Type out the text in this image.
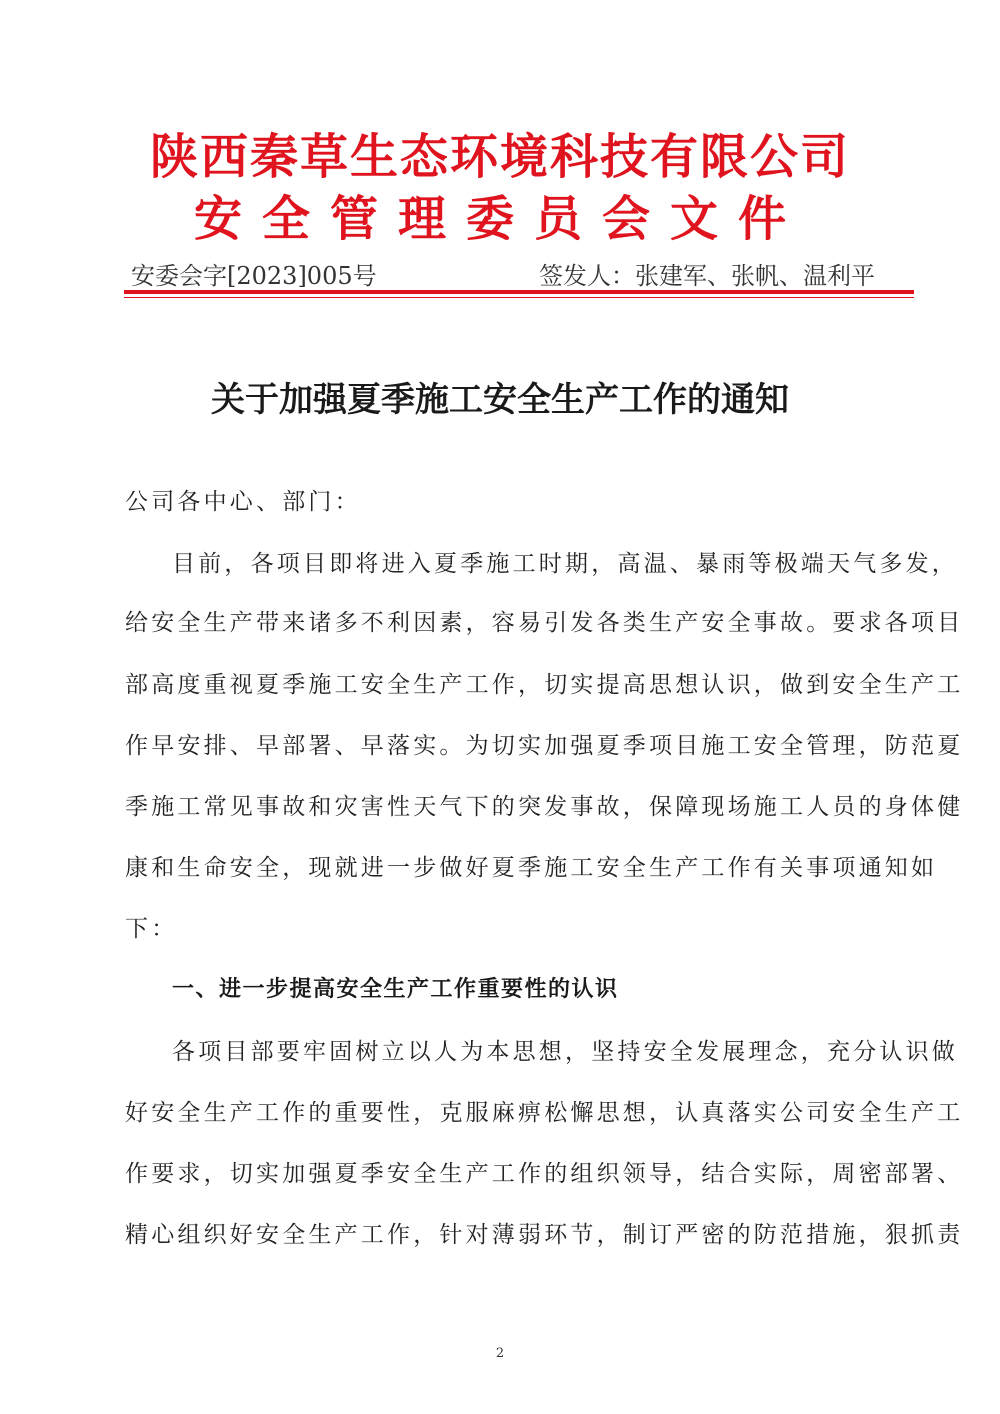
陕西秦草生态环境科技有限公司
安全管理委员会文件
安委会字[2023]005号	签发人：张建军、张帆、温利平
关于加强夏季施工安全生产工作的通知
公司各中心、部门：
目前，各项目即将进入夏季施工时期，高温、暴雨等极端天气多发，
给安全生产带来诸多不利因素，容易引发各类生产安全事故。要求各项目
部高度重视夏季施工安全生产工作，切实提高思想认识，做到安全生产工
作早安排、早部署、早落实。为切实加强夏季项目施工安全管理，防范夏
季施工常见事故和灾害性天气下的突发事故，保障现场施工人员的身体健
康和生命安全，现就进一步做好夏季施工安全生产工作有关事项通知如
下：
一、进一步提高安全生产工作重要性的认识
各项目部要牢固树立以人为本思想，坚持安全发展理念，充分认识做
好安全生产工作的重要性，克服麻痹松懈思想，认真落实公司安全生产工
作要求，切实加强夏季安全生产工作的组织领导，结合实际，周密部署、
精心组织好安全生产工作，针对薄弱环节，制订严密的防范措施，狠抓责
2
